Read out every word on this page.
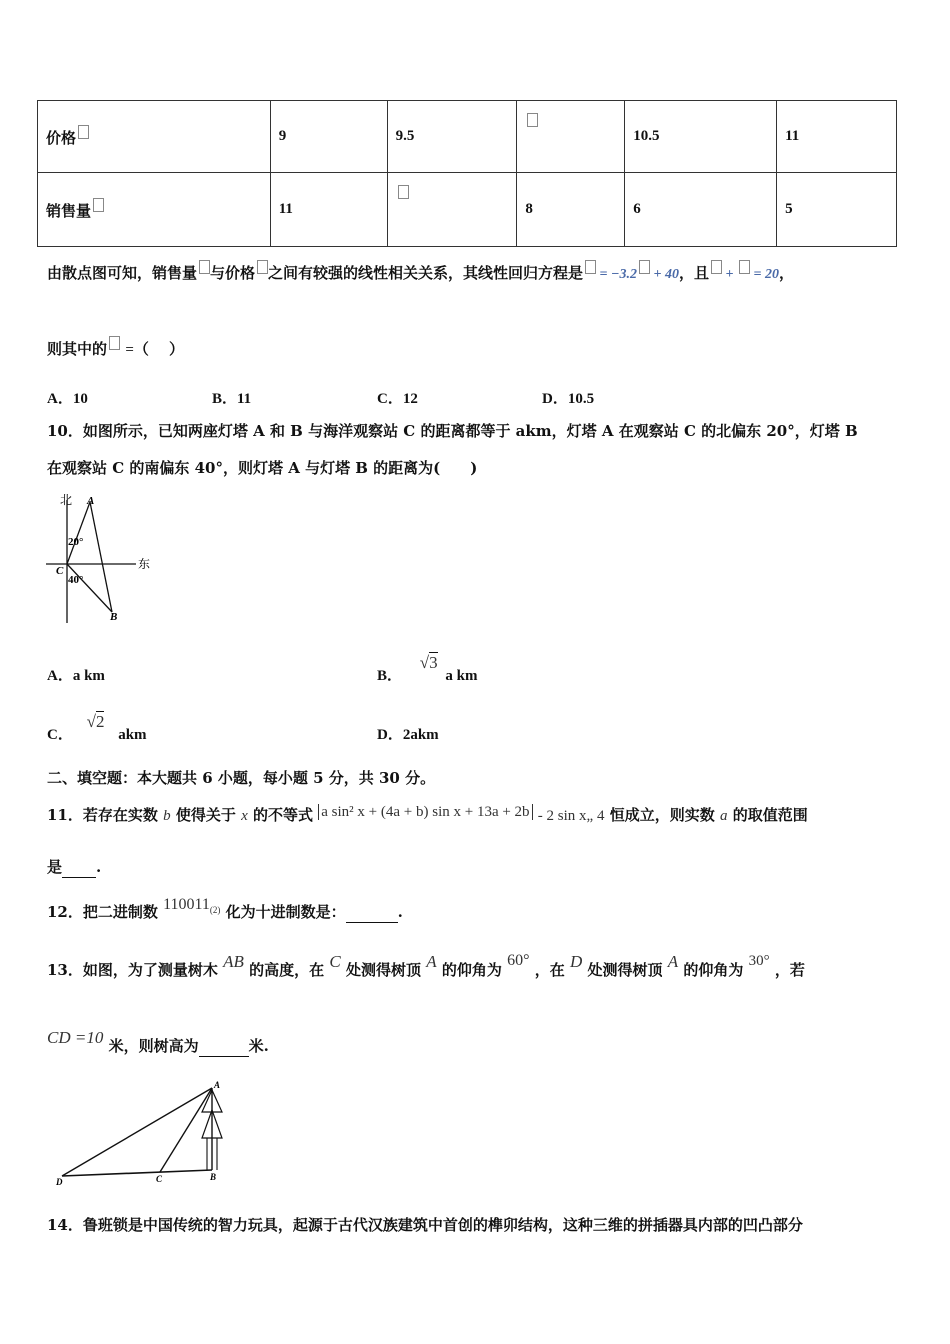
价格	9	9.5		10.5	11
销售量	11		8	6	5
由散点图可知，销售量 与价格 之间有较强的线性相关关系，其线性回归方程是 = −3.2 + 40，且 + = 20，
则其中的 =（　 ）
A．10	B．11	C．12	D．10.5
10．如图所示，已知两座灯塔 A 和 B 与海洋观察站 C 的距离都等于 akm，灯塔 A 在观察站 C 的北偏东 20°，灯塔 B
在观察站 C 的南偏东 40°，则灯塔 A 与灯塔 B 的距离为(　　)
北 A
东
C
B
20°
40°
A．a km	B． √3 a km
C． √2 akm	D．2akm
二、填空题：本大题共 6 小题，每小题 5 分，共 30 分。
11．若存在实数 b 使得关于 x 的不等式 a sin² x + (4a + b) sin x + 13a + 2b - 2 sin x„ 4 恒成立，则实数 a 的取值范围
是 .
12．把二进制数 $110011_{(2)}$ 化为十进制数是：	.
13．如图，为了测量树木 AB 的高度，在 C 处测得树顶 A 的仰角为 60° ，在 D 处测得树顶 A 的仰角为 30° ，若
CD =10 米，则树高为	米.
A
B
C
D
14．鲁班锁是中国传统的智力玩具，起源于古代汉族建筑中首创的榫卯结构，这种三维的拼插器具内部的凹凸部分
